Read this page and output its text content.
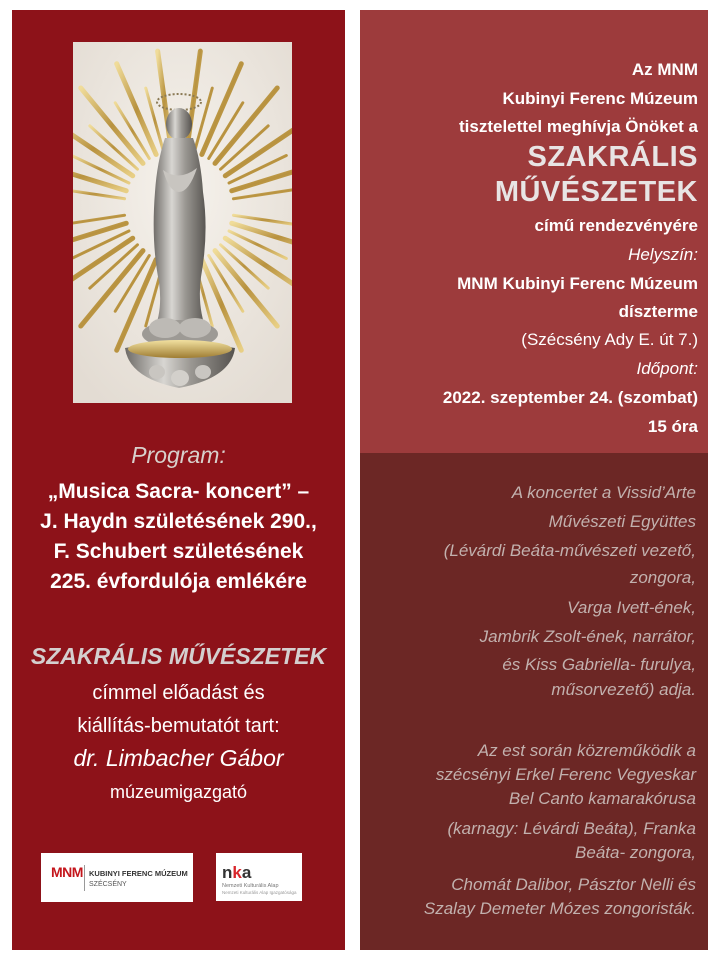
Program:
„Musica Sacra- koncert” –
J. Haydn születésének 290.,
F. Schubert születésének
225. évfordulója emlékére
SZAKRÁLIS MŰVÉSZETEK
címmel előadást és
kiállítás-bemutatót tart:
dr. Limbacher Gábor
múzeumigazgató
MNM KUBINYI FERENC MÚZEUM
SZÉCSÉNY
nka
Nemzeti Kulturális Alap
Nemzeti Kulturális Alap Igazgatósága
Az MNM
Kubinyi Ferenc Múzeum
tisztelettel meghívja Önöket a
SZAKRÁLIS
MŰVÉSZETEK
című rendezvényére
Helyszín:
MNM Kubinyi Ferenc Múzeum
díszterme
(Szécsény Ady E. út 7.)
Időpont:
2022. szeptember 24. (szombat)
15 óra
A koncertet a Vissid’Arte
Művészeti Együttes
(Lévárdi Beáta-művészeti vezető,
zongora,
Varga Ivett-ének,
Jambrik Zsolt-ének, narrátor,
és Kiss Gabriella- furulya,
műsorvezető) adja.
Az est során közreműködik a
szécsényi Erkel Ferenc Vegyeskar
Bel Canto kamarakórusa
(karnagy: Lévárdi Beáta), Franka
Beáta- zongora,
Chomát Dalibor, Pásztor Nelli és
Szalay Demeter Mózes zongoristák.
